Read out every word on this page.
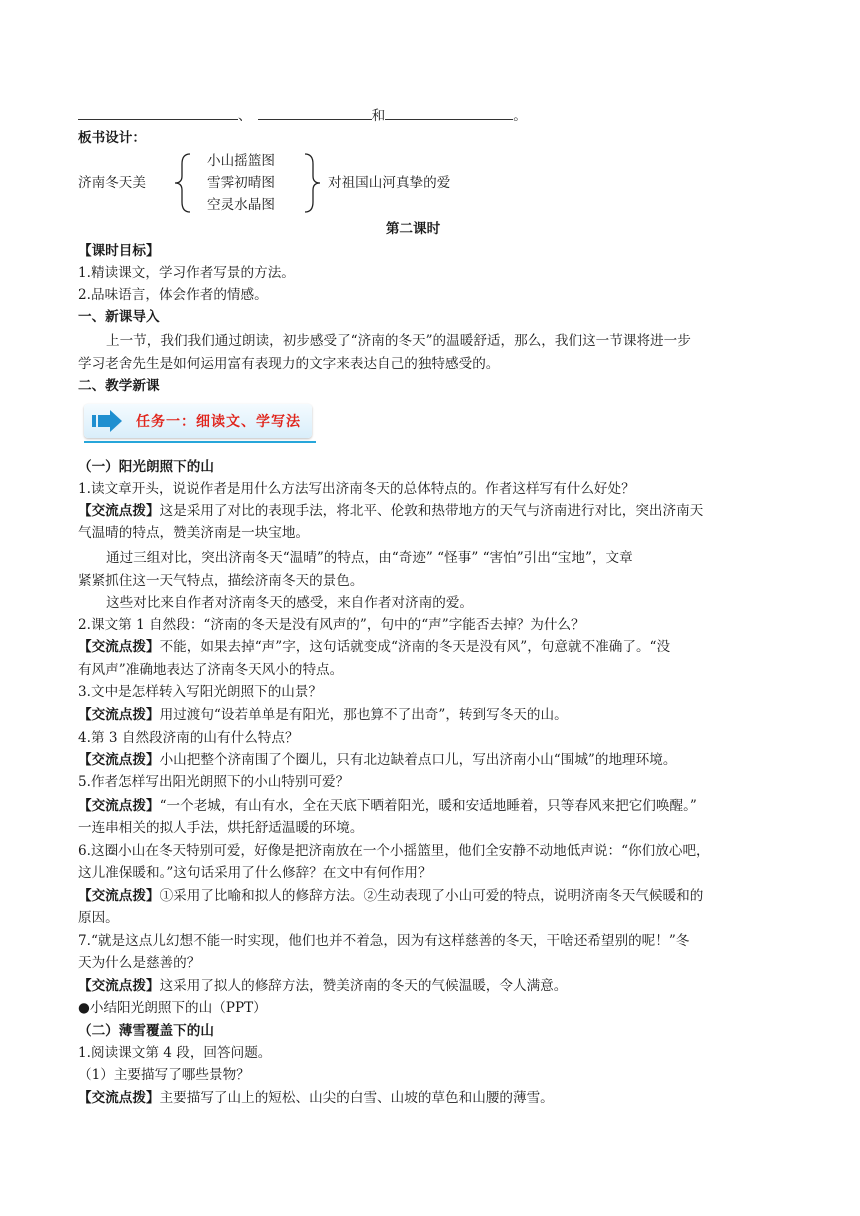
、	和	。
板书设计：
济南冬天美
小山摇篮图
雪霁初晴图
空灵水晶图
对祖国山河真挚的爱
第二课时
【课时目标】
1.精读课文，学习作者写景的方法。
2.品味语言，体会作者的情感。
一、新课导入
上一节，我们我们通过朗读，初步感受了“济南的冬天”的温暖舒适，那么，我们这一节课将进一步
学习老舍先生是如何运用富有表现力的文字来表达自己的独特感受的。
二、教学新课
任务一：细读文、学写法
（一）阳光朗照下的山
1.读文章开头，说说作者是用什么方法写出济南冬天的总体特点的。作者这样写有什么好处？
【交流点拨】这是采用了对比的表现手法，将北平、伦敦和热带地方的天气与济南进行对比，突出济南天
气温晴的特点，赞美济南是一块宝地。
通过三组对比，突出济南冬天“温晴”的特点，由“奇迹” “怪事” “害怕”引出“宝地”，文章
紧紧抓住这一天气特点，描绘济南冬天的景色。
这些对比来自作者对济南冬天的感受，来自作者对济南的爱。
2.课文第 1 自然段：“济南的冬天是没有风声的”，句中的“声”字能否去掉？为什么？
【交流点拨】不能，如果去掉“声”字，这句话就变成“济南的冬天是没有风”，句意就不准确了。“没
有风声”准确地表达了济南冬天风小的特点。
3.文中是怎样转入写阳光朗照下的山景？
【交流点拨】用过渡句“设若单单是有阳光，那也算不了出奇”，转到写冬天的山。
4.第 3 自然段济南的山有什么特点？
【交流点拨】小山把整个济南围了个圈儿，只有北边缺着点口儿，写出济南小山“围城”的地理环境。
5.作者怎样写出阳光朗照下的小山特别可爱？
【交流点拨】“一个老城，有山有水，全在天底下晒着阳光，暖和安适地睡着，只等春风来把它们唤醒。”
一连串相关的拟人手法，烘托舒适温暖的环境。
6.这圈小山在冬天特别可爱，好像是把济南放在一个小摇篮里，他们全安静不动地低声说：“你们放心吧，
这儿准保暖和。”这句话采用了什么修辞？在文中有何作用？
【交流点拨】①采用了比喻和拟人的修辞方法。②生动表现了小山可爱的特点，说明济南冬天气候暖和的
原因。
7.“就是这点儿幻想不能一时实现，他们也并不着急，因为有这样慈善的冬天，干啥还希望别的呢！”冬
天为什么是慈善的？
【交流点拨】这采用了拟人的修辞方法，赞美济南的冬天的气候温暖，令人满意。
●小结阳光朗照下的山（PPT）
（二）薄雪覆盖下的山
1.阅读课文第 4 段，回答问题。
（1）主要描写了哪些景物？
【交流点拨】主要描写了山上的短松、山尖的白雪、山坡的草色和山腰的薄雪。
